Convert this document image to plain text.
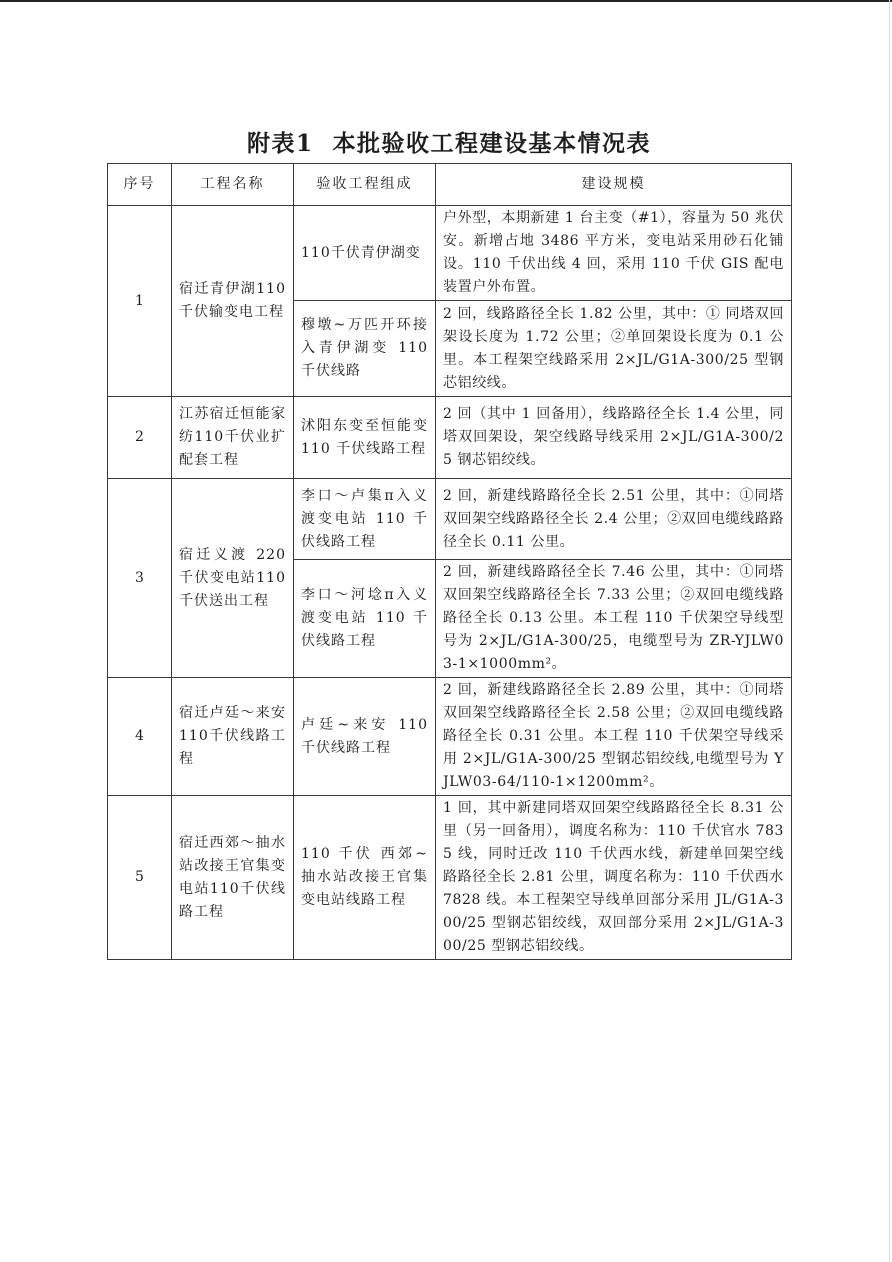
附表1  本批验收工程建设基本情况表
序号	工程名称	验收工程组成	建设规模
1	宿迁青伊湖110千伏输变电工程	110千伏青伊湖变	户外型，本期新建 1 台主变（#1），容量为 50 兆伏安。新增占地 3486 平方米，变电站采用砂石化铺设。110 千伏出线 4 回，采用 110 千伏 GIS 配电装置户外布置。
		穆墩~万匹开环接入青伊湖变 110 千伏线路	2 回，线路路径全长 1.82 公里，其中：① 同塔双回架设长度为 1.72 公里；②单回架设长度为 0.1 公里。本工程架空线路采用 2×JL/G1A-300/25 型钢芯铝绞线。
2	江苏宿迁恒能家纺110千伏业扩配套工程	沭阳东变至恒能变 110 千伏线路工程	2 回（其中 1 回备用），线路路径全长 1.4 公里，同塔双回架设，架空线路导线采用 2×JL/G1A-300/25 钢芯铝绞线。
3	宿迁义渡 220 千伏变电站110千伏送出工程	李口～卢集π入义渡变电站 110 千伏线路工程	2 回，新建线路路径全长 2.51 公里，其中：①同塔双回架空线路路径全长 2.4 公里；②双回电缆线路路径全长 0.11 公里。
		李口～河埝π入义渡变电站 110 千伏线路工程	2 回，新建线路路径全长 7.46 公里，其中：①同塔双回架空线路路径全长 7.33 公里；②双回电缆线路路径全长 0.13 公里。本工程 110 千伏架空导线型号为 2×JL/G1A-300/25，电缆型号为 ZR-YJLW03-1×1000mm²。
4	宿迁卢廷～来安110千伏线路工程	卢廷~来安 110 千伏线路工程	2 回，新建线路路径全长 2.89 公里，其中：①同塔双回架空线路路径全长 2.58 公里；②双回电缆线路路径全长 0.31 公里。本工程 110 千伏架空导线采用 2×JL/G1A-300/25 型钢芯铝绞线,电缆型号为 YJLW03-64/110-1×1200mm²。
5	宿迁西郊～抽水站改接王官集变电站110千伏线路工程	110 千伏 西郊~抽水站改接王官集变电站线路工程	1 回，其中新建同塔双回架空线路路径全长 8.31 公里（另一回备用），调度名称为：110 千伏官水 7835 线，同时迁改 110 千伏西水线，新建单回架空线路路径全长 2.81 公里，调度名称为：110 千伏西水 7828 线。本工程架空导线单回部分采用 JL/G1A-300/25 型钢芯铝绞线，双回部分采用 2×JL/G1A-300/25 型钢芯铝绞线。
